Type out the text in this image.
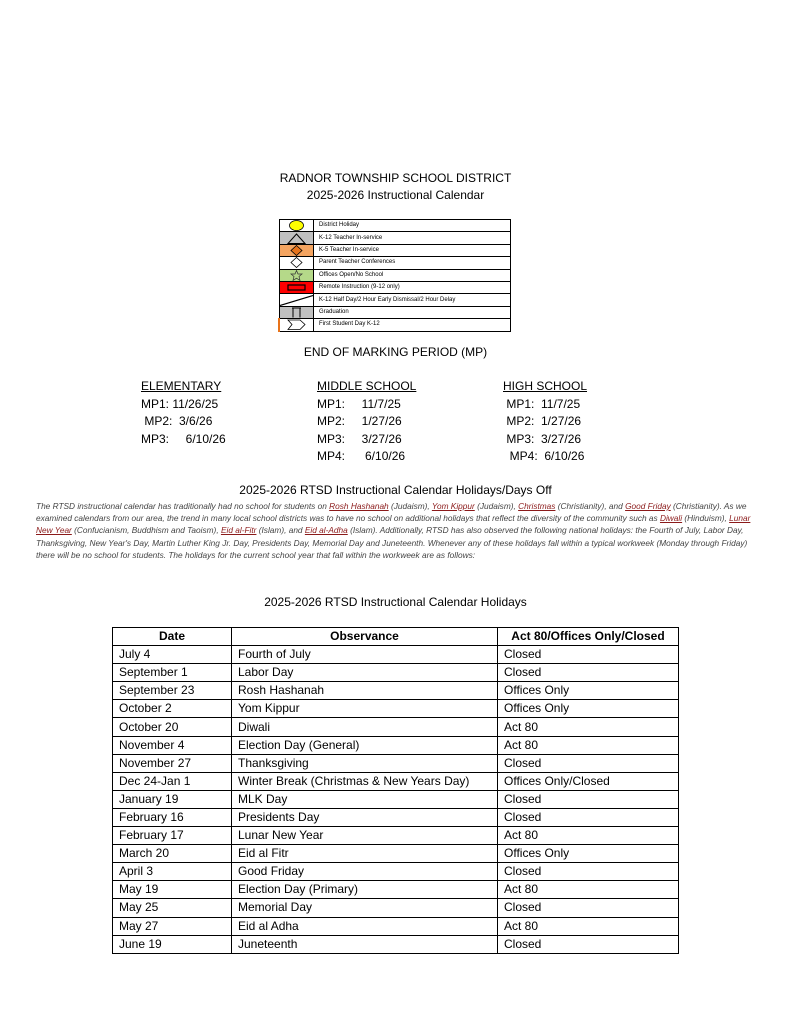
RADNOR TOWNSHIP SCHOOL DISTRICT
2025-2026 Instructional Calendar
	District Holiday

	K-12 Teacher In-service

	K-5 Teacher In-service

	Parent Teacher Conferences

	Offices Open/No School

	Remote Instruction (9-12 only)

	K-12 Half Day/2 Hour Early Dismissal/2 Hour Delay

	Graduation

	First Student Day K-12
END OF MARKING PERIOD (MP)
ELEMENTARY
MP1: 11/26/25
MP2:  3/6/26
MP3:     6/10/26
MIDDLE SCHOOL
MP1:     11/7/25
MP2:     1/27/26
MP3:     3/27/26
MP4:      6/10/26
HIGH SCHOOL
MP1:  11/7/25
MP2:  1/27/26
MP3:  3/27/26
MP4:  6/10/26
2025-2026 RTSD Instructional Calendar Holidays/Days Off
The RTSD instructional calendar has traditionally had no school for students on Rosh Hashanah (Judaism), Yom Kippur (Judaism), Christmas (Christianity), and Good Friday (Christianity). As we examined calendars from our area, the trend in many local school districts was to have no school on additional holidays that reflect the diversity of the community such as Diwali (Hinduism), Lunar New Year (Confucianism, Buddhism and Taoism), Eid al-Fitr (Islam), and Eid al-Adha (Islam). Additionally, RTSD has also observed the following national holidays: the Fourth of July, Labor Day, Thanksgiving, New Year's Day, Martin Luther King Jr. Day, Presidents Day, Memorial Day and Juneteenth. Whenever any of these holidays fall within a typical workweek (Monday through Friday) there will be no school for students. The holidays for the current school year that fall within the workweek are as follows:
2025-2026 RTSD Instructional Calendar Holidays
Date	Observance	Act 80/Offices Only/Closed
July 4	Fourth of July	Closed
September 1	Labor Day	Closed
September 23	Rosh Hashanah	Offices Only
October 2	Yom Kippur	Offices Only
October 20	Diwali	Act 80
November 4	Election Day (General)	Act 80
November 27	Thanksgiving	Closed
Dec 24-Jan 1	Winter Break (Christmas & New Years Day)	Offices Only/Closed
January 19	MLK Day	Closed
February 16	Presidents Day	Closed
February 17	Lunar New Year	Act 80
March 20	Eid al Fitr	Offices Only
April 3	Good Friday	Closed
May 19	Election Day (Primary)	Act 80
May 25	Memorial Day	Closed
May 27	Eid al Adha	Act 80
June 19	Juneteenth	Closed
